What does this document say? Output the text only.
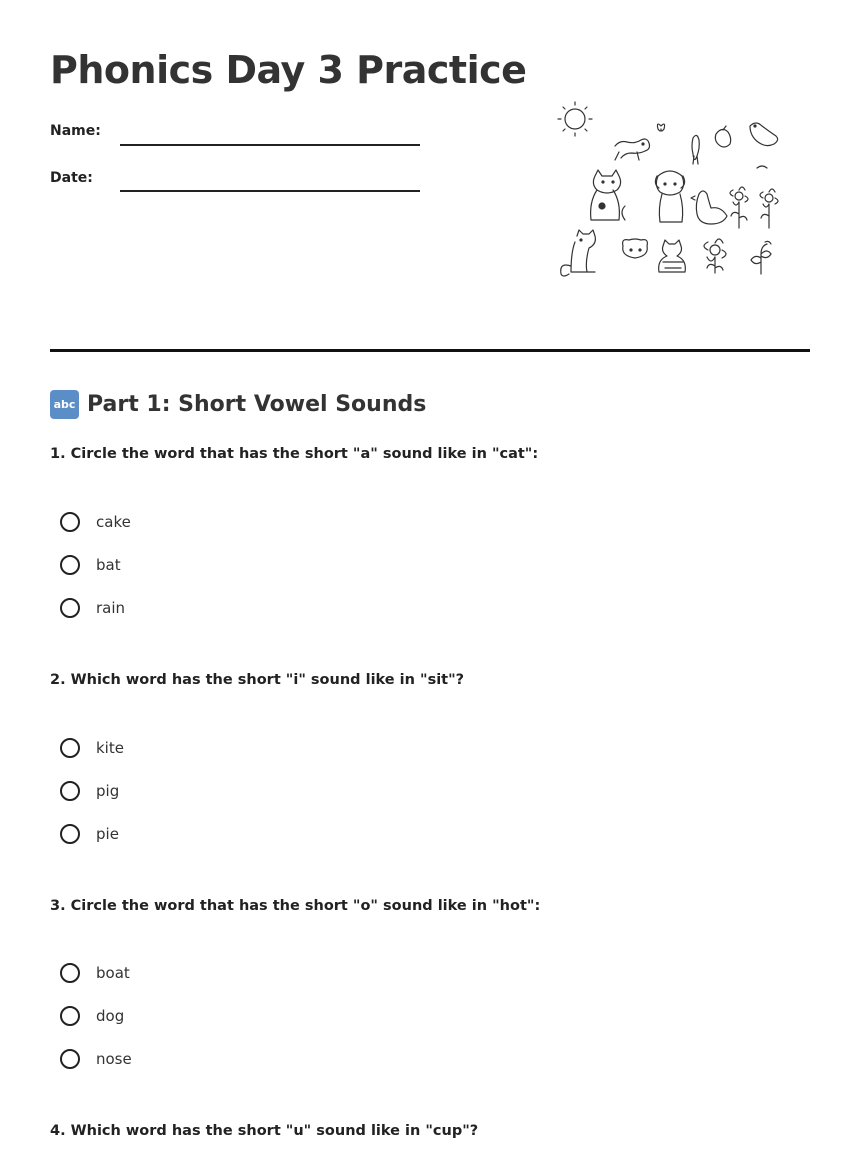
Phonics Day 3 Practice
Name:
Date:
abc Part 1: Short Vowel Sounds
1. Circle the word that has the short "a" sound like in "cat":
cake
bat
rain
2. Which word has the short "i" sound like in "sit"?
kite
pig
pie
3. Circle the word that has the short "o" sound like in "hot":
boat
dog
nose
4. Which word has the short "u" sound like in "cup"?
